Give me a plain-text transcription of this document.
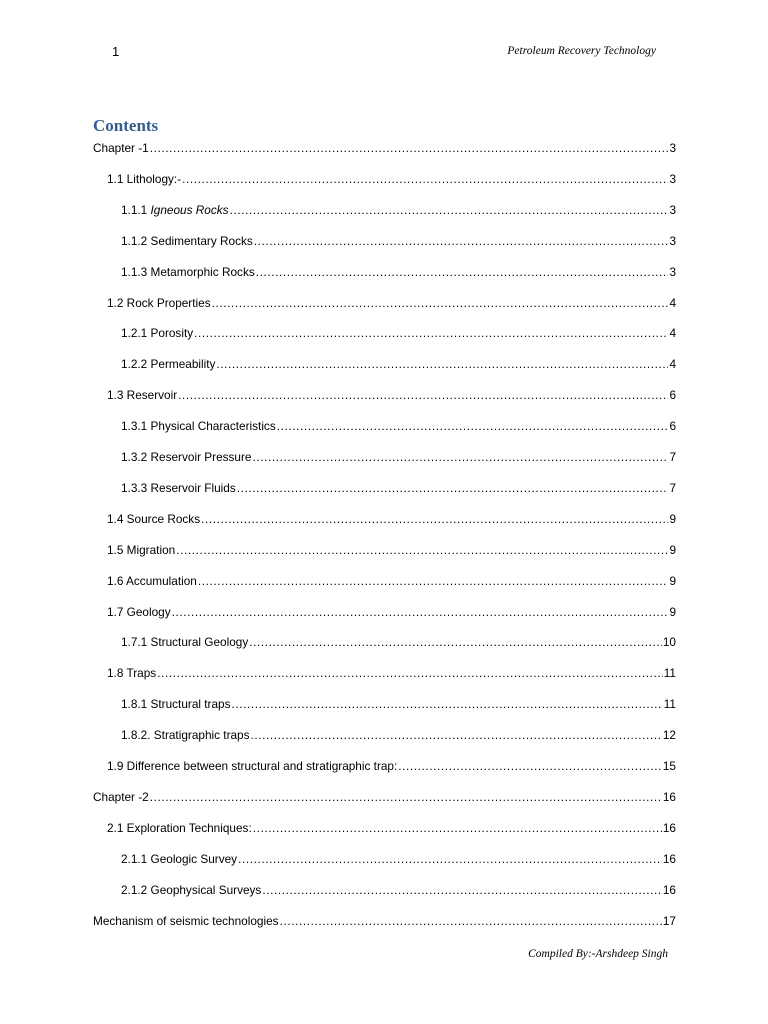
1	Petroleum Recovery Technology
Contents
Chapter -1 .....	3
1.1 Lithology:- .....	3
1.1.1 Igneous Rocks .....	3
1.1.2 Sedimentary Rocks .....	3
1.1.3 Metamorphic Rocks .....	3
1.2 Rock Properties .....	4
1.2.1 Porosity .....	4
1.2.2 Permeability .....	4
1.3 Reservoir .....	6
1.3.1 Physical Characteristics .....	6
1.3.2 Reservoir Pressure .....	7
1.3.3 Reservoir Fluids .....	7
1.4 Source Rocks .....	9
1.5 Migration .....	9
1.6 Accumulation .....	9
1.7 Geology .....	9
1.7.1 Structural Geology .....	10
1.8 Traps .....	11
1.8.1 Structural traps .....	11
1.8.2. Stratigraphic traps .....	12
1.9 Difference between structural and stratigraphic trap: .....	15
Chapter -2 .....	16
2.1 Exploration Techniques: .....	16
2.1.1 Geologic Survey .....	16
2.1.2 Geophysical Surveys .....	16
Mechanism of seismic technologies .....	17
Compiled By:-Arshdeep Singh
